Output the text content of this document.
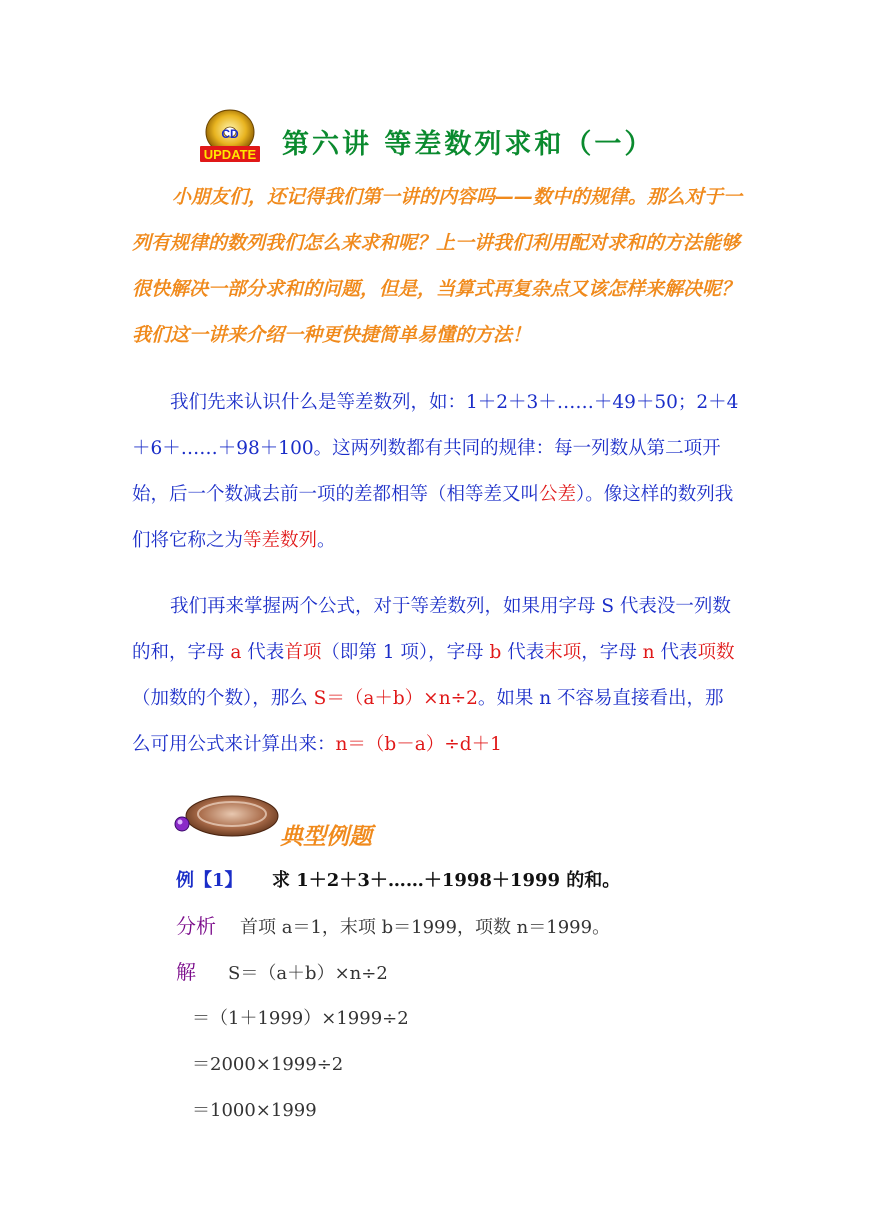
CD
UPDATE 第六讲 等差数列求和（一）

小朋友们，还记得我们第一讲的内容吗——数中的规律。那么对于一列有规律的数列我们怎么来求和呢？上一讲我们利用配对求和的方法能够很快解决一部分求和的问题，但是，当算式再复杂点又该怎样来解决呢？我们这一讲来介绍一种更快捷简单易懂的方法！

我们先来认识什么是等差数列，如：1＋2＋3＋……＋49＋50；2＋4＋6＋……＋98＋100。这两列数都有共同的规律：每一列数从第二项开始，后一个数减去前一项的差都相等（相等差又叫公差）。像这样的数列我们将它称之为等差数列。

我们再来掌握两个公式，对于等差数列，如果用字母 S 代表没一列数的和，字母 a 代表首项（即第 1 项），字母 b 代表末项，字母 n 代表项数（加数的个数），那么 S＝（a＋b）×n÷2。如果 n 不容易直接看出，那么可用公式来计算出来：n＝（b－a）÷d＋1

典型例题
例【1】 求 1＋2＋3＋……＋1998＋1999 的和。
分析 首项 a＝1，末项 b＝1999，项数 n＝1999。
解 S＝（a＋b）×n÷2
＝（1＋1999）×1999÷2
＝2000×1999÷2
＝1000×1999
